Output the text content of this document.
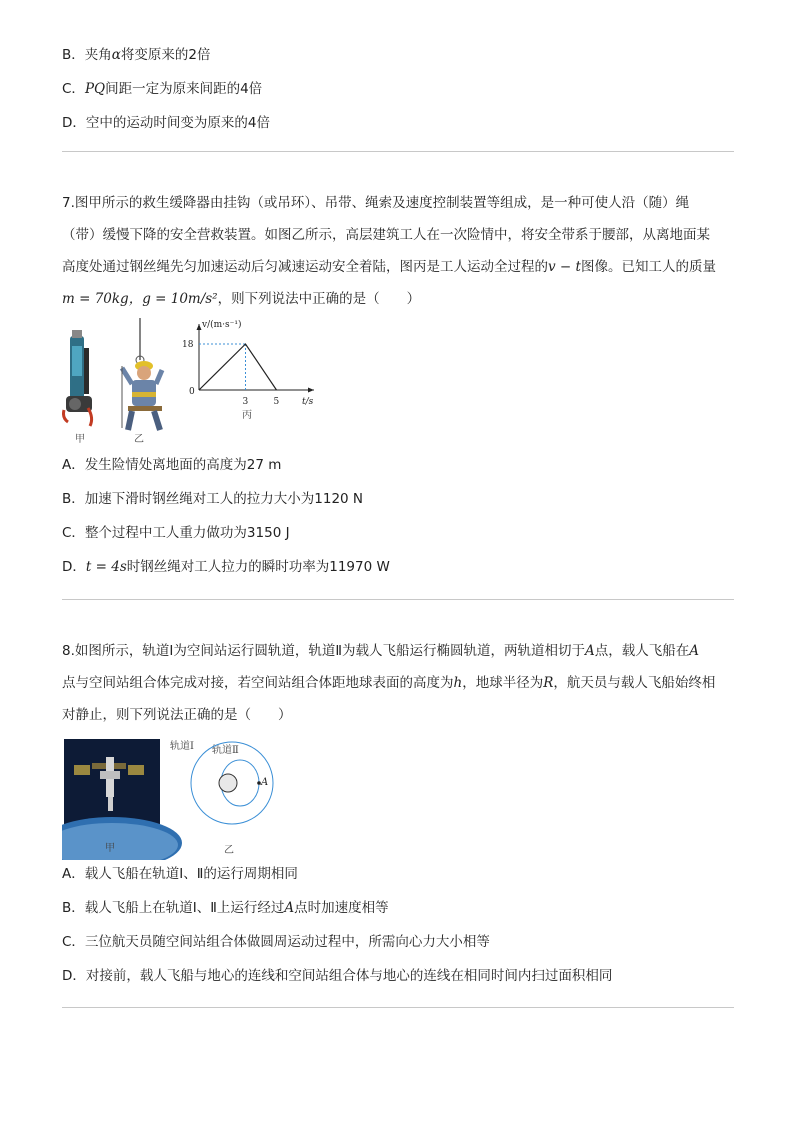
B．夹角α将变原来的2倍
C．PQ间距一定为原来间距的4倍
D．空中的运动时间变为原来的4倍

7.图甲所示的救生缓降器由挂钩（或吊环）、吊带、绳索及速度控制装置等组成，是一种可使人沿（随）绳

（带）缓慢下降的安全营救装置。如图乙所示，高层建筑工人在一次险情中，将安全带系于腰部，从离地面某

高度处通过钢丝绳先匀加速运动后匀减速运动安全着陆，图丙是工人运动全过程的v − t图像。已知工人的质量

m = 70kg，g = 10m/s²，则下列说法中正确的是（　　）

甲	乙
v/(m·s⁻¹)
t/s
0
18
3	5
丙
A．发生险情处离地面的高度为27 m
B．加速下滑时钢丝绳对工人的拉力大小为1120 N
C．整个过程中工人重力做功为3150 J
D．t = 4s时钢丝绳对工人拉力的瞬时功率为11970 W

8.如图所示，轨道Ⅰ为空间站运行圆轨道，轨道Ⅱ为载人飞船运行椭圆轨道，两轨道相切于A点，载人飞船在A

点与空间站组合体完成对接，若空间站组合体距地球表面的高度为h，地球半径为R，航天员与载人飞船始终相

对静止，则下列说法正确的是（　　）

甲
轨道Ⅰ 轨道Ⅱ
A
乙
A．载人飞船在轨道Ⅰ、Ⅱ的运行周期相同
B．载人飞船上在轨道Ⅰ、Ⅱ上运行经过A点时加速度相等
C．三位航天员随空间站组合体做圆周运动过程中，所需向心力大小相等
D．对接前，载人飞船与地心的连线和空间站组合体与地心的连线在相同时间内扫过面积相同
